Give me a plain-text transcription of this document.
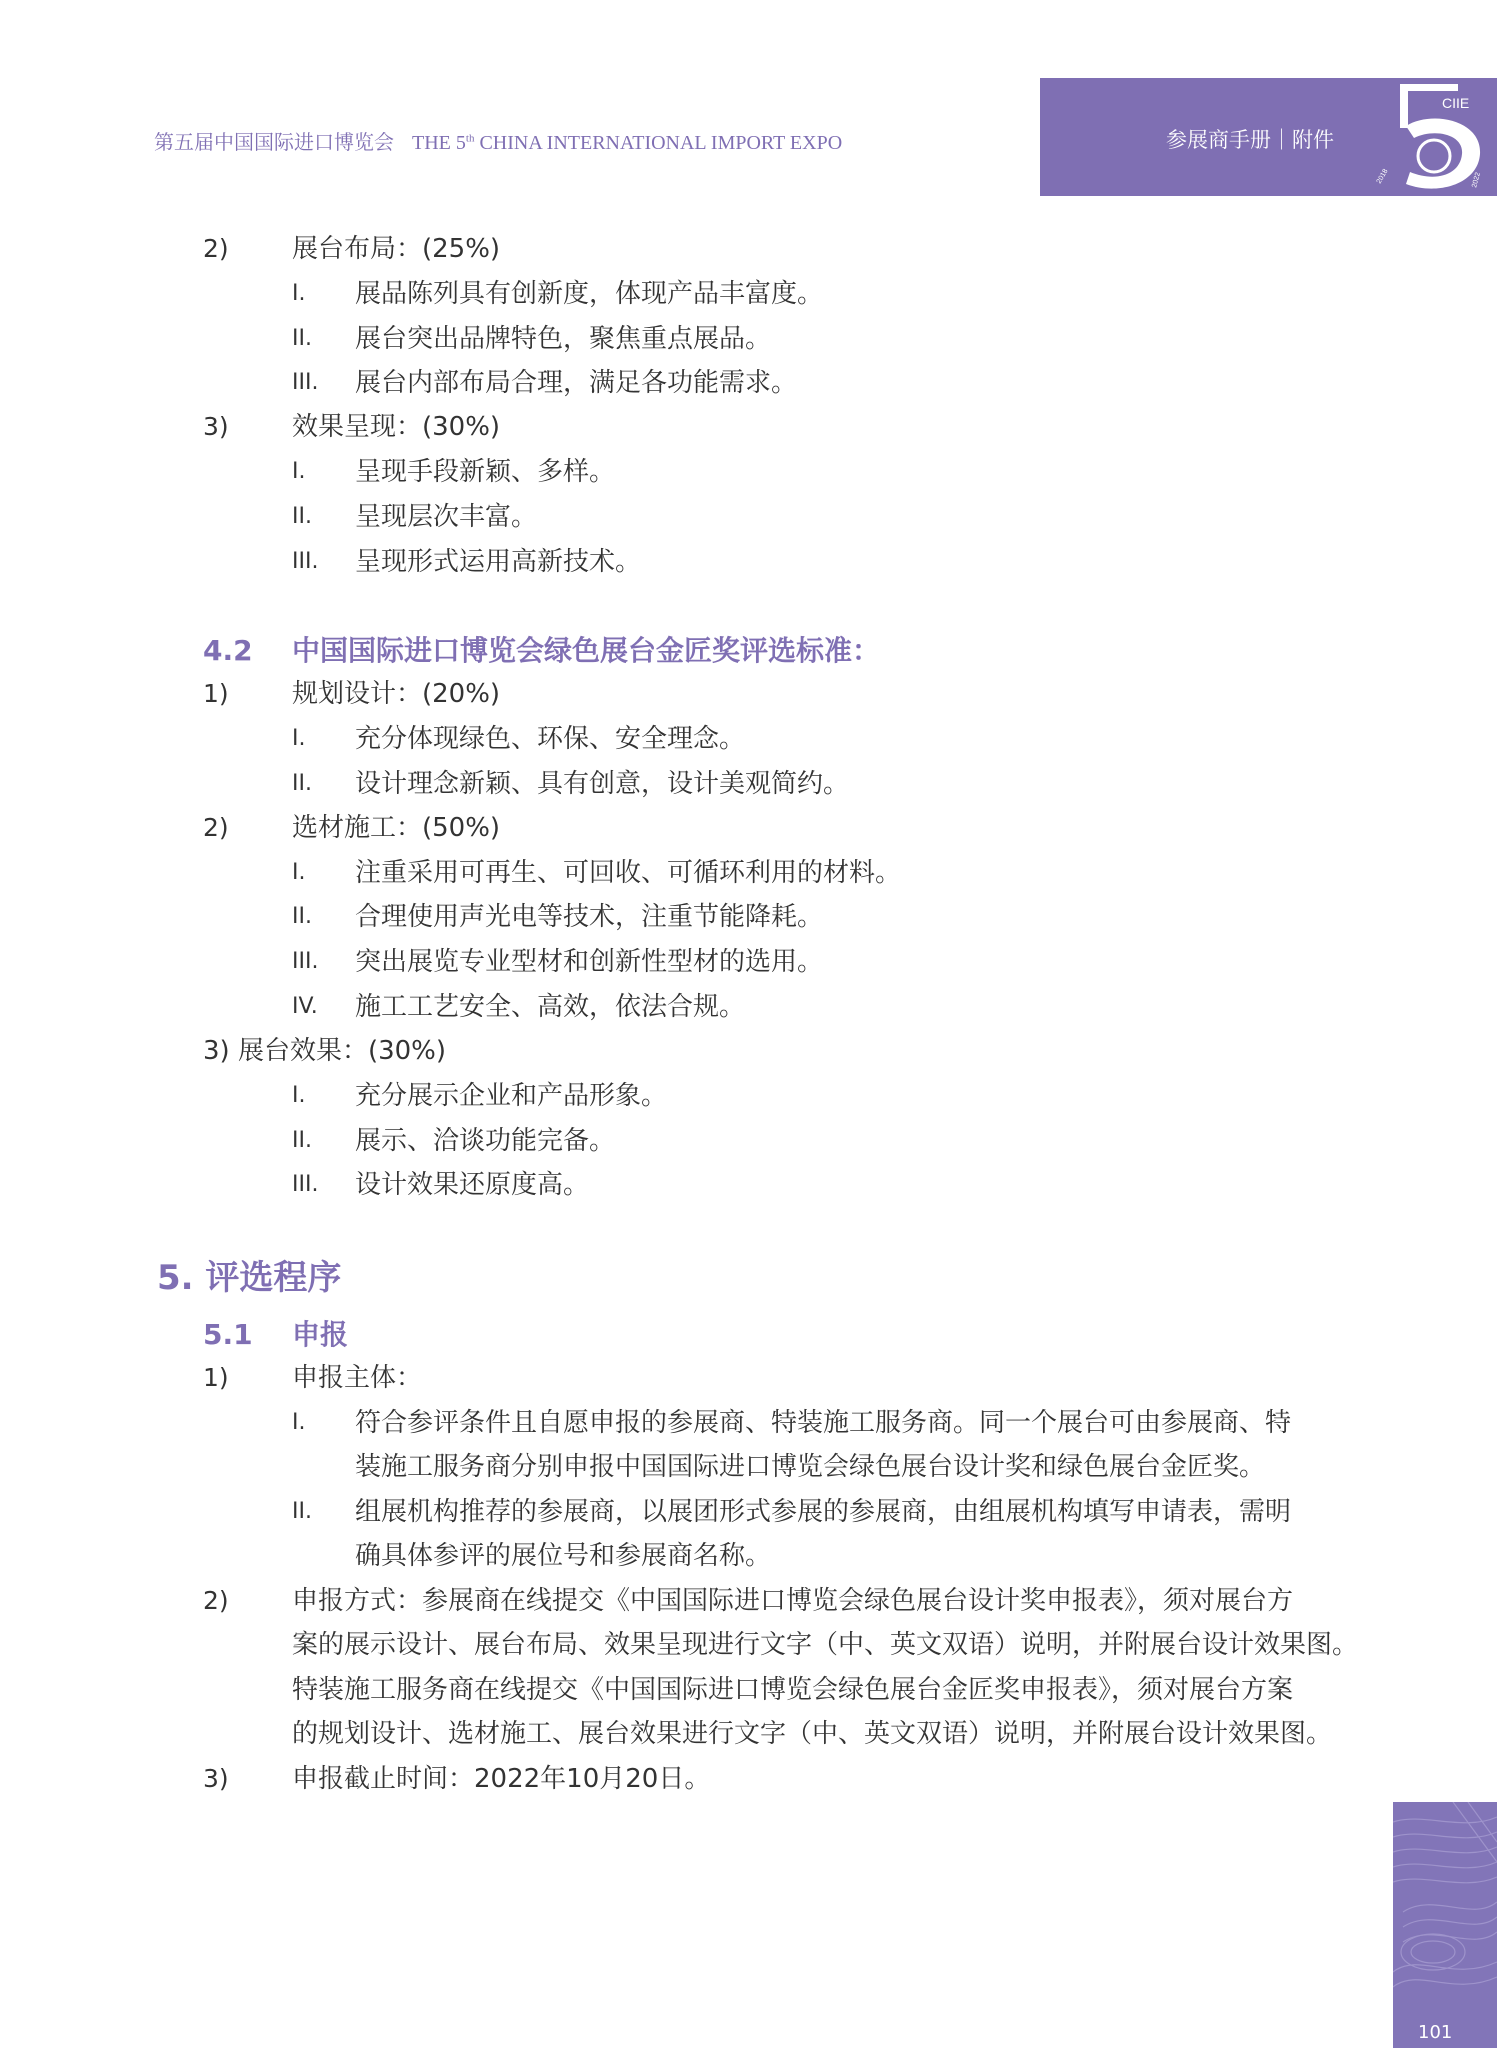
第五届中国国际进口博览会 THE 5th CHINA INTERNATIONAL IMPORT EXPO	参展商手册｜附件
CIIE
2018	2022
2) 展台布局：(25%)
I. 展品陈列具有创新度，体现产品丰富度。
II. 展台突出品牌特色，聚焦重点展品。
III. 展台内部布局合理，满足各功能需求。
3) 效果呈现：(30%)
I. 呈现手段新颖、多样。
II. 呈现层次丰富。
III. 呈现形式运用高新技术。
4.2 中国国际进口博览会绿色展台金匠奖评选标准：
1) 规划设计：(20%)
I. 充分体现绿色、环保、安全理念。
II. 设计理念新颖、具有创意，设计美观简约。
2) 选材施工：(50%)
I. 注重采用可再生、可回收、可循环利用的材料。
II. 合理使用声光电等技术，注重节能降耗。
III. 突出展览专业型材和创新性型材的选用。
IV. 施工工艺安全、高效，依法合规。
3) 展台效果：(30%)
I. 充分展示企业和产品形象。
II. 展示、洽谈功能完备。
III. 设计效果还原度高。
5. 评选程序
5.1 申报
1) 申报主体：
I. 符合参评条件且自愿申报的参展商、特装施工服务商。同一个展台可由参展商、特
装施工服务商分别申报中国国际进口博览会绿色展台设计奖和绿色展台金匠奖。
II. 组展机构推荐的参展商，以展团形式参展的参展商，由组展机构填写申请表，需明
确具体参评的展位号和参展商名称。
2) 申报方式：参展商在线提交《中国国际进口博览会绿色展台设计奖申报表》，须对展台方
案的展示设计、展台布局、效果呈现进行文字（中、英文双语）说明，并附展台设计效果图。
特装施工服务商在线提交《中国国际进口博览会绿色展台金匠奖申报表》，须对展台方案
的规划设计、选材施工、展台效果进行文字（中、英文双语）说明，并附展台设计效果图。
3) 申报截止时间：2022年10月20日。
101
